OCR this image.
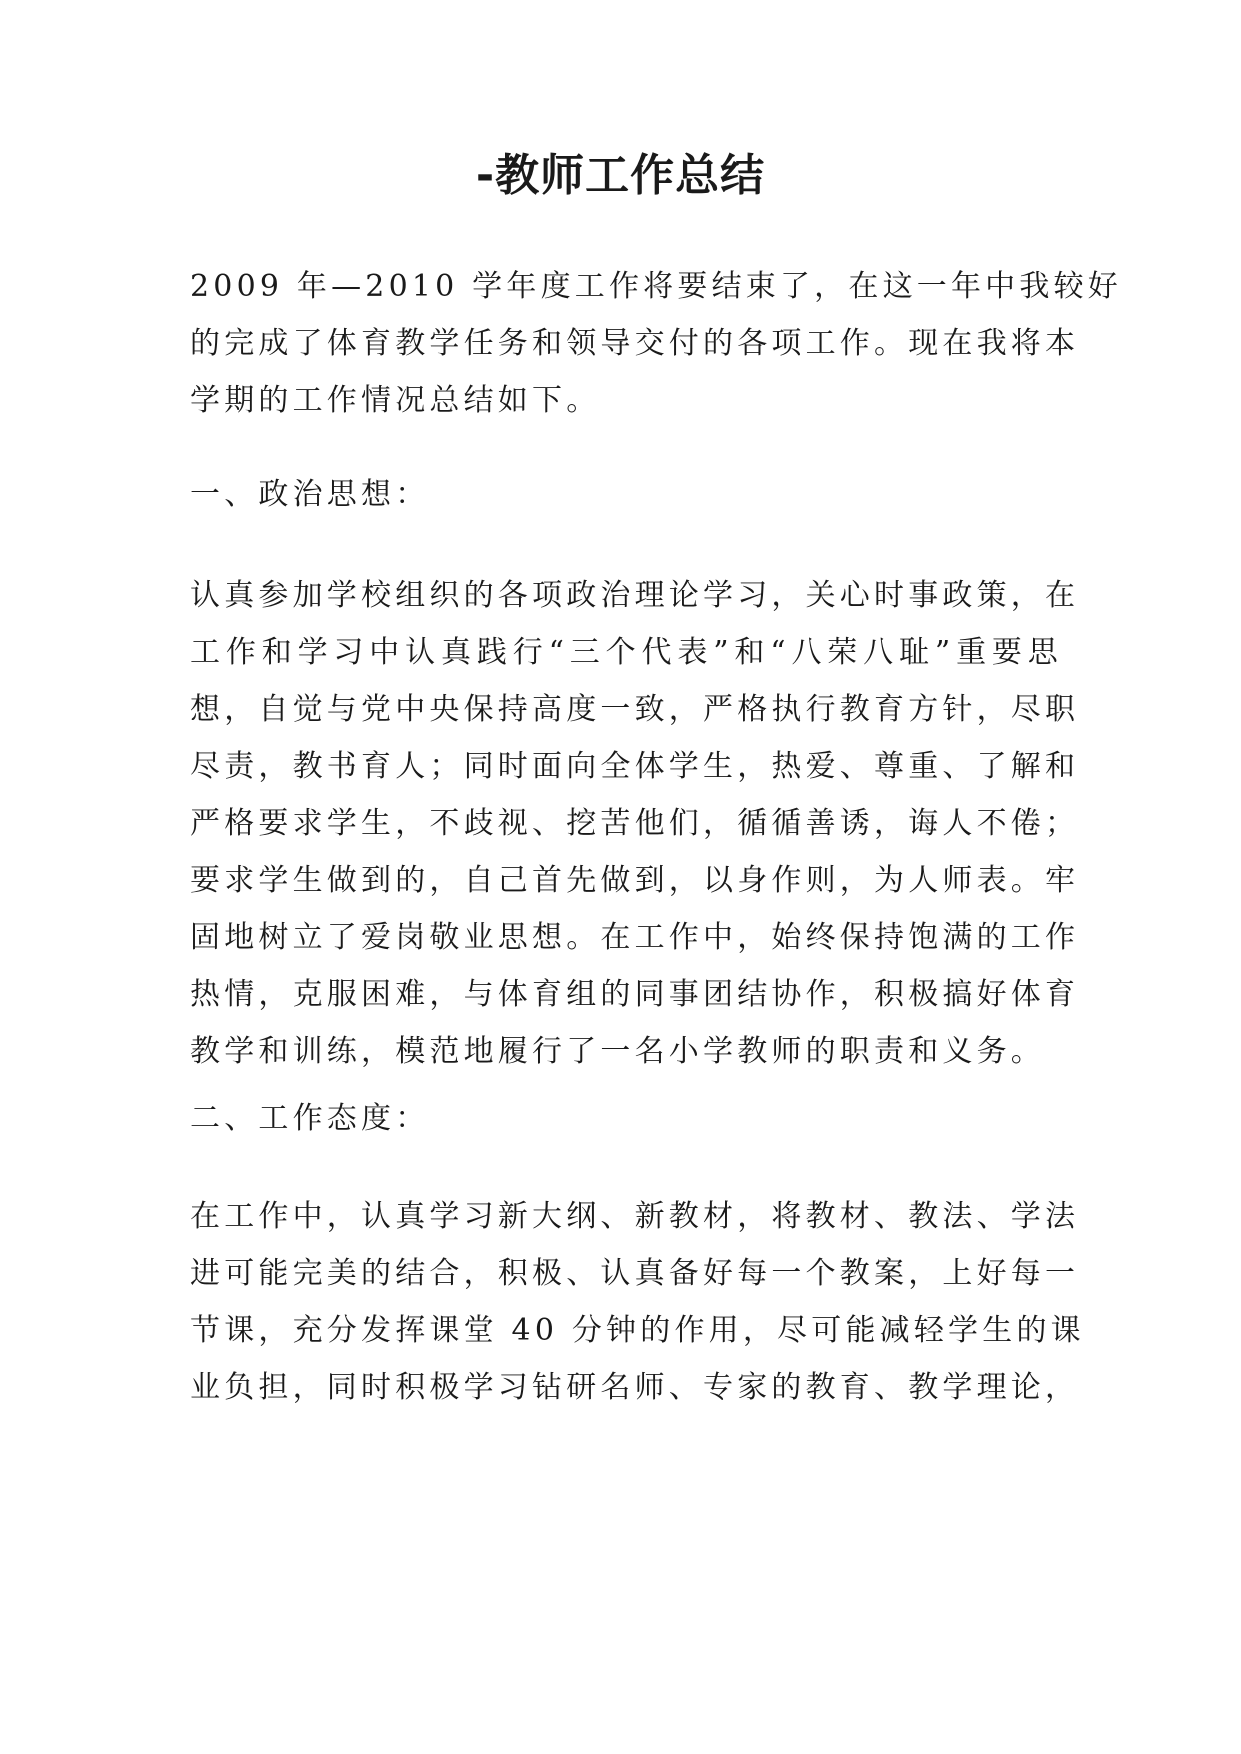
-教师工作总结

2009 年—2010 学年度工作将要结束了，在这一年中我较好
的完成了体育教学任务和领导交付的各项工作。现在我将本
学期的工作情况总结如下。

一、政治思想：

认真参加学校组织的各项政治理论学习，关心时事政策，在
工作和学习中认真践行“三个代表”和“八荣八耻”重要思
想，自觉与党中央保持高度一致，严格执行教育方针，尽职
尽责，教书育人；同时面向全体学生，热爱、尊重、了解和
严格要求学生，不歧视、挖苦他们，循循善诱，诲人不倦；
要求学生做到的，自己首先做到，以身作则，为人师表。牢
固地树立了爱岗敬业思想。在工作中，始终保持饱满的工作
热情，克服困难，与体育组的同事团结协作，积极搞好体育
教学和训练，模范地履行了一名小学教师的职责和义务。

二、工作态度：

在工作中，认真学习新大纲、新教材，将教材、教法、学法
进可能完美的结合，积极、认真备好每一个教案，上好每一
节课，充分发挥课堂 40 分钟的作用，尽可能减轻学生的课
业负担，同时积极学习钻研名师、专家的教育、教学理论，
